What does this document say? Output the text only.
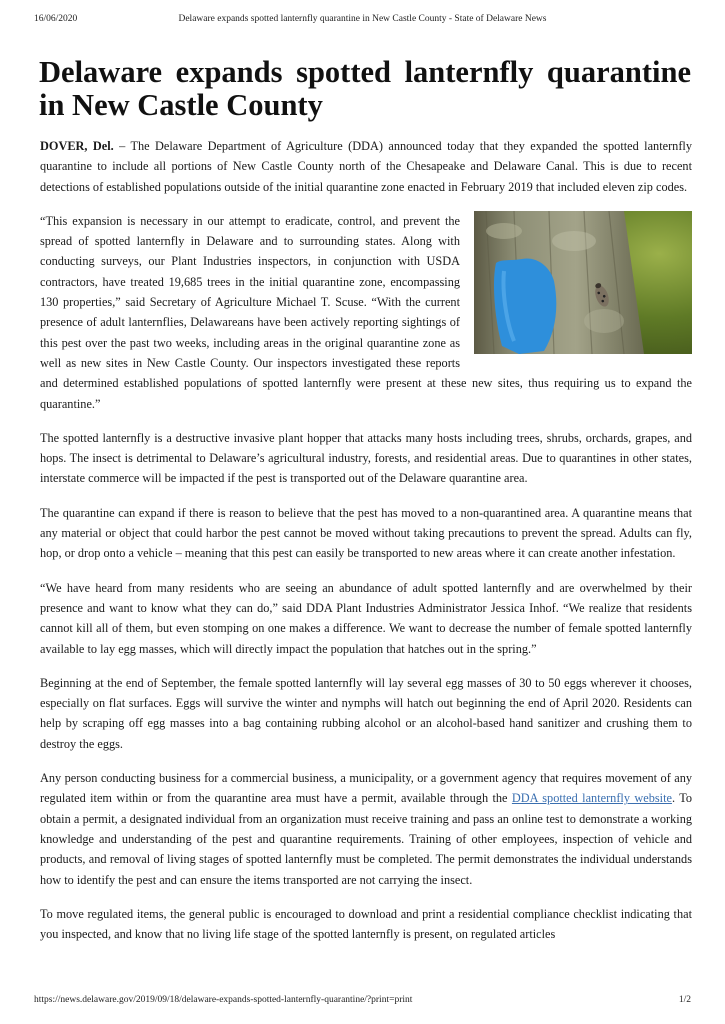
16/06/2020	Delaware expands spotted lanternfly quarantine in New Castle County - State of Delaware News
Delaware expands spotted lanternfly quarantine in New Castle County

DOVER, Del. – The Delaware Department of Agriculture (DDA) announced today that they expanded the spotted lanternfly quarantine to include all portions of New Castle County north of the Chesapeake and Delaware Canal. This is due to recent detections of established populations outside of the initial quarantine zone enacted in February 2019 that included eleven zip codes.

“This expansion is necessary in our attempt to eradicate, control, and prevent the spread of spotted lanternfly in Delaware and to surrounding states. Along with conducting surveys, our Plant Industries inspectors, in conjunction with USDA contractors, have treated 19,685 trees in the initial quarantine zone, encompassing 130 properties,” said Secretary of Agriculture Michael T. Scuse. “With the current presence of adult lanternflies, Delawareans have been actively reporting sightings of this pest over the past two weeks, including areas in the original quarantine zone as well as new sites in New Castle County. Our inspectors investigated these reports and determined established populations of spotted lanternfly were present at these new sites, thus requiring us to expand the quarantine.”

The spotted lanternfly is a destructive invasive plant hopper that attacks many hosts including trees, shrubs, orchards, grapes, and hops. The insect is detrimental to Delaware’s agricultural industry, forests, and residential areas. Due to quarantines in other states, interstate commerce will be impacted if the pest is transported out of the Delaware quarantine area.

The quarantine can expand if there is reason to believe that the pest has moved to a non-quarantined area. A quarantine means that any material or object that could harbor the pest cannot be moved without taking precautions to prevent the spread. Adults can fly, hop, or drop onto a vehicle – meaning that this pest can easily be transported to new areas where it can create another infestation.

“We have heard from many residents who are seeing an abundance of adult spotted lanternfly and are overwhelmed by their presence and want to know what they can do,” said DDA Plant Industries Administrator Jessica Inhof. “We realize that residents cannot kill all of them, but even stomping on one makes a difference. We want to decrease the number of female spotted lanternfly available to lay egg masses, which will directly impact the population that hatches out in the spring.”

Beginning at the end of September, the female spotted lanternfly will lay several egg masses of 30 to 50 eggs wherever it chooses, especially on flat surfaces. Eggs will survive the winter and nymphs will hatch out beginning the end of April 2020. Residents can help by scraping off egg masses into a bag containing rubbing alcohol or an alcohol-based hand sanitizer and crushing them to destroy the eggs.

Any person conducting business for a commercial business, a municipality, or a government agency that requires movement of any regulated item within or from the quarantine area must have a permit, available through the DDA spotted lanternfly website. To obtain a permit, a designated individual from an organization must receive training and pass an online test to demonstrate a working knowledge and understanding of the pest and quarantine requirements. Training of other employees, inspection of vehicle and products, and removal of living stages of spotted lanternfly must be completed. The permit demonstrates the individual understands how to identify the pest and can ensure the items transported are not carrying the insect.

To move regulated items, the general public is encouraged to download and print a residential compliance checklist indicating that you inspected, and know that no living life stage of the spotted lanternfly is present, on regulated articles

https://news.delaware.gov/2019/09/18/delaware-expands-spotted-lanternfly-quarantine/?print=print	1/2
